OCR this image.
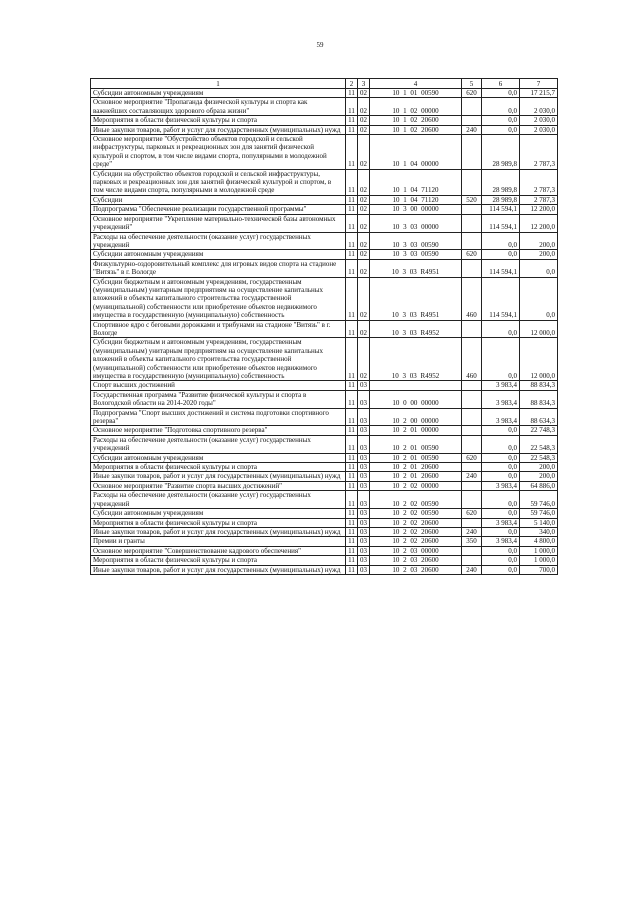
59
1	2	3	4	5	6	7
Субсидии автономным учреждениям	11	02	10 1 01 00590	620	0,0	17 215,7
Основное мероприятие "Пропаганда физической культуры и спорта как важнейших составляющих здорового образа жизни"	11	02	10 1 02 00000		0,0	2 030,0
Мероприятия в области физической культуры и спорта	11	02	10 1 02 20600		0,0	2 030,0
Иные закупки товаров, работ и услуг для государственных (муниципальных) нужд	11	02	10 1 02 20600	240	0,0	2 030,0
Основное мероприятие "Обустройство объектов городской и сельской инфраструктуры, парковых и рекреационных зон для занятий физической культурой и спортом, в том числе видами спорта, популярными в молодежной среде"	11	02	10 1 04 00000		28 989,8	2 787,3
Субсидии на обустройство объектов городской и сельской инфраструктуры, парковых и рекреационных зон для занятий физической культурой и спортом, в том числе видами спорта, популярными в молодежной среде	11	02	10 1 04 71120		28 989,8	2 787,3
Субсидии	11	02	10 1 04 71120	520	28 989,8	2 787,3
Подпрограмма "Обеспечение реализации государственной программы"	11	02	10 3 00 00000		114 594,1	12 200,0
Основное мероприятие "Укрепление материально-технической базы автономных учреждений"	11	02	10 3 03 00000		114 594,1	12 200,0
Расходы на обеспечение деятельности (оказание услуг) государственных учреждений	11	02	10 3 03 00590		0,0	200,0
Субсидии автономным учреждениям	11	02	10 3 03 00590	620	0,0	200,0
Физкультурно-оздоровительный комплекс для игровых видов спорта на стадионе "Витязь" в г. Вологде	11	02	10 3 03 R4951		114 594,1	0,0
Субсидии бюджетным и автономным учреждениям, государственным (муниципальным) унитарным предприятиям на осуществление капитальных вложений в объекты капитального строительства государственной (муниципальной) собственности или приобретение объектов недвижимого имущества в государственную (муниципальную) собственность	11	02	10 3 03 R4951	460	114 594,1	0,0
Спортивное ядро с беговыми дорожками и трибунами на стадионе "Витязь" в г. Вологде	11	02	10 3 03 R4952		0,0	12 000,0
Субсидии бюджетным и автономным учреждениям, государственным (муниципальным) унитарным предприятиям на осуществление капитальных вложений в объекты капитального строительства государственной (муниципальной) собственности или приобретение объектов недвижимого имущества в государственную (муниципальную) собственность	11	02	10 3 03 R4952	460	0,0	12 000,0
Спорт высших достижений	11	03			3 983,4	88 834,3
Государственная программа "Развитие физической культуры и спорта в Вологодской области на 2014-2020 годы"	11	03	10 0 00 00000		3 983,4	88 834,3
Подпрограмма "Спорт высших достижений и система подготовки спортивного резерва"	11	03	10 2 00 00000		3 983,4	88 634,3
Основное мероприятие "Подготовка спортивного резерва"	11	03	10 2 01 00000		0,0	22 748,3
Расходы на обеспечение деятельности (оказание услуг) государственных учреждений	11	03	10 2 01 00590		0,0	22 548,3
Субсидии автономным учреждениям	11	03	10 2 01 00590	620	0,0	22 548,3
Мероприятия в области физической культуры и спорта	11	03	10 2 01 20600		0,0	200,0
Иные закупки товаров, работ и услуг для государственных (муниципальных) нужд	11	03	10 2 01 20600	240	0,0	200,0
Основное мероприятие "Развитие спорта высших достижений"	11	03	10 2 02 00000		3 983,4	64 886,0
Расходы на обеспечение деятельности (оказание услуг) государственных учреждений	11	03	10 2 02 00590		0,0	59 746,0
Субсидии автономным учреждениям	11	03	10 2 02 00590	620	0,0	59 746,0
Мероприятия в области физической культуры и спорта	11	03	10 2 02 20600		3 983,4	5 140,0
Иные закупки товаров, работ и услуг для государственных (муниципальных) нужд	11	03	10 2 02 20600	240	0,0	340,0
Премии и гранты	11	03	10 2 02 20600	350	3 983,4	4 800,0
Основное мероприятие "Совершенствование кадрового обеспечения"	11	03	10 2 03 00000		0,0	1 000,0
Мероприятия в области физической культуры и спорта	11	03	10 2 03 20600		0,0	1 000,0
Иные закупки товаров, работ и услуг для государственных (муниципальных) нужд	11	03	10 2 03 20600	240	0,0	700,0
